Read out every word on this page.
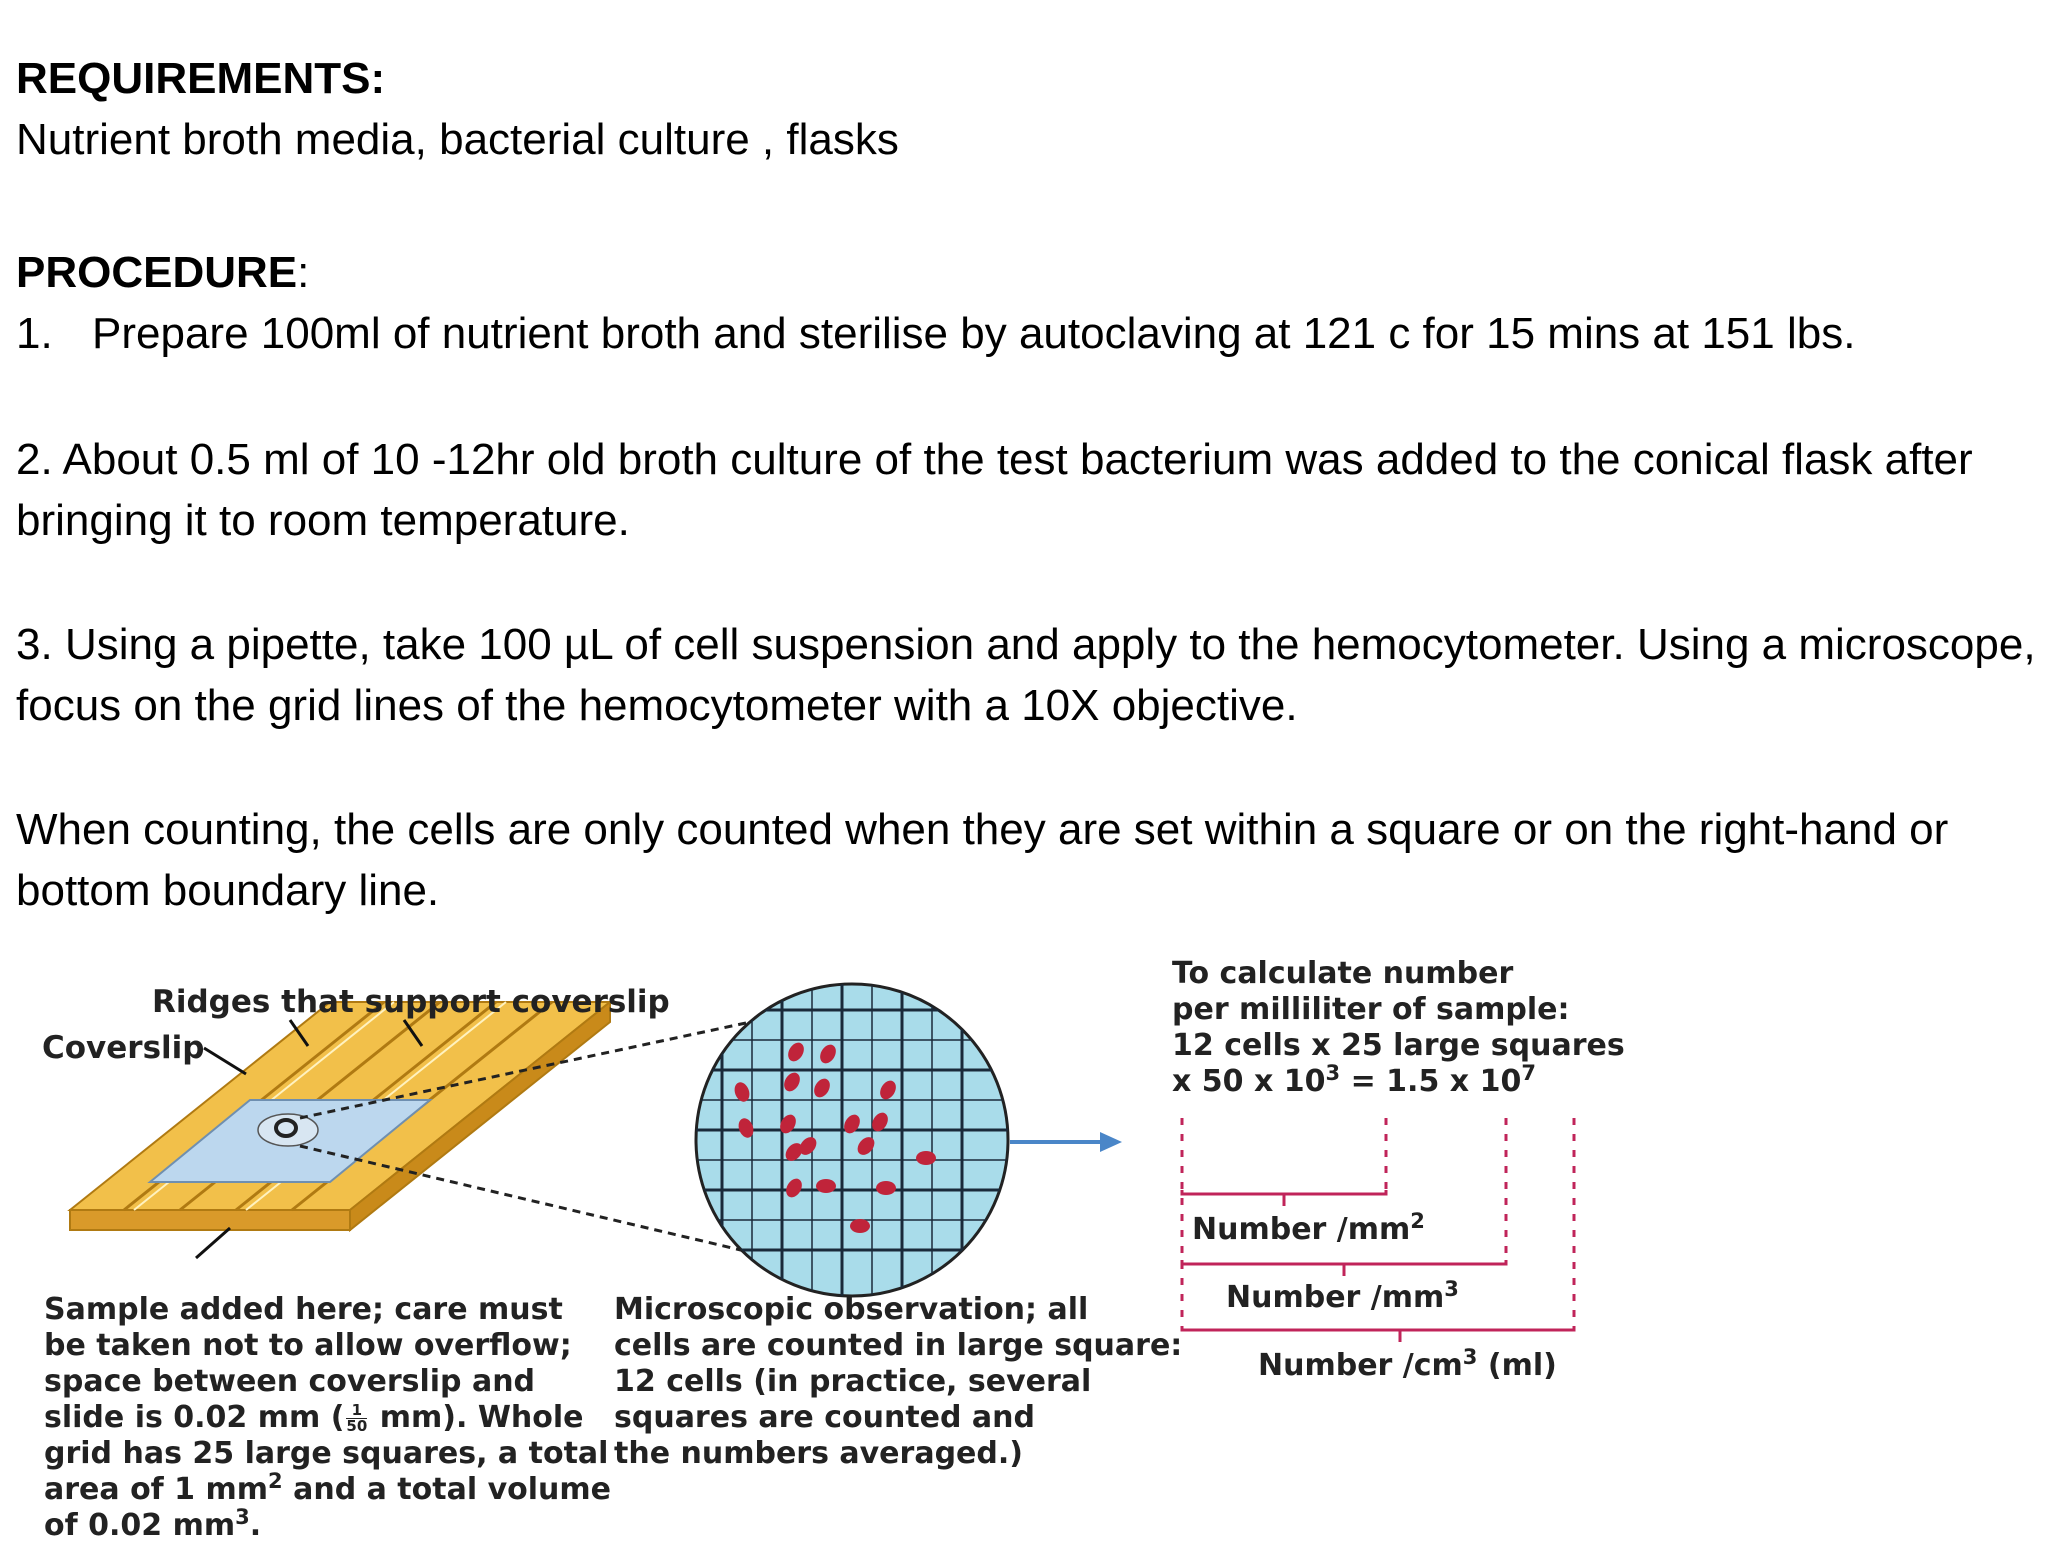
REQUIREMENTS:
Nutrient broth media, bacterial culture , flasks
PROCEDURE:
1. Prepare 100ml of nutrient broth and sterilise by autoclaving at 121 c for 15 mins at 151 lbs.
2. About 0.5 ml of 10 -12hr old broth culture of the test bacterium was added to the conical flask after bringing it to room temperature.
3. Using a pipette, take 100 µL of cell suspension and apply to the hemocytometer. Using a microscope, focus on the grid lines of the hemocytometer with a 10X objective.
When counting, the cells are only counted when they are set within a square or on the right-hand or bottom boundary line.
Ridges that support coverslip
Coverslip
Sample added here; care must
be taken not to allow overflow;
space between coverslip and
slide is 0.02 mm ( $\frac{1}{50} mm$). Whole
grid has 25 large squares, a total
area of 1 $mm^2$ and a total volume
of 0.02 $mm^3$.
Microscopic observation; all
cells are counted in large square:
12 cells (in practice, several
squares are counted and
the numbers averaged.)
To calculate number
per milliliter of sample:
12 cells x 25 large squares
x 50 x $10^3 = 1.5$ x $10^7$
Number $/mm^2$
Number $/mm^3$
Number $/cm^3$ (ml)
